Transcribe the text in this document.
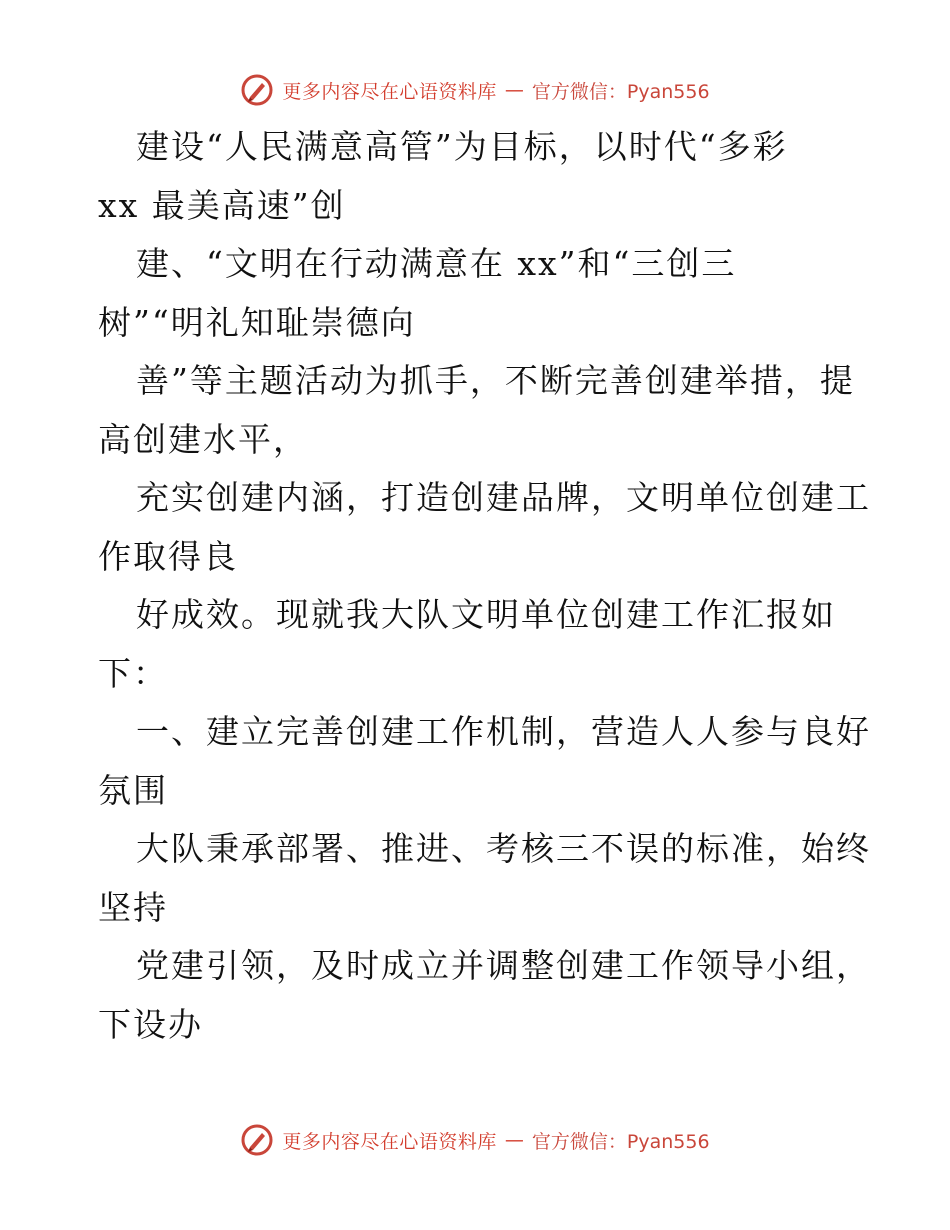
更多内容尽在心语资料库 — 官方微信：Pyan556
建设“人民满意高管”为目标，以时代“多彩
xx 最美高速”创
建、“文明在行动满意在 xx”和“三创三
树”“明礼知耻崇德向
善”等主题活动为抓手，不断完善创建举措，提
高创建水平，
充实创建内涵，打造创建品牌，文明单位创建工
作取得良
好成效。现就我大队文明单位创建工作汇报如
下：
一、建立完善创建工作机制，营造人人参与良好
氛围
大队秉承部署、推进、考核三不误的标准，始终
坚持
党建引领，及时成立并调整创建工作领导小组，
下设办
更多内容尽在心语资料库 — 官方微信：Pyan556
